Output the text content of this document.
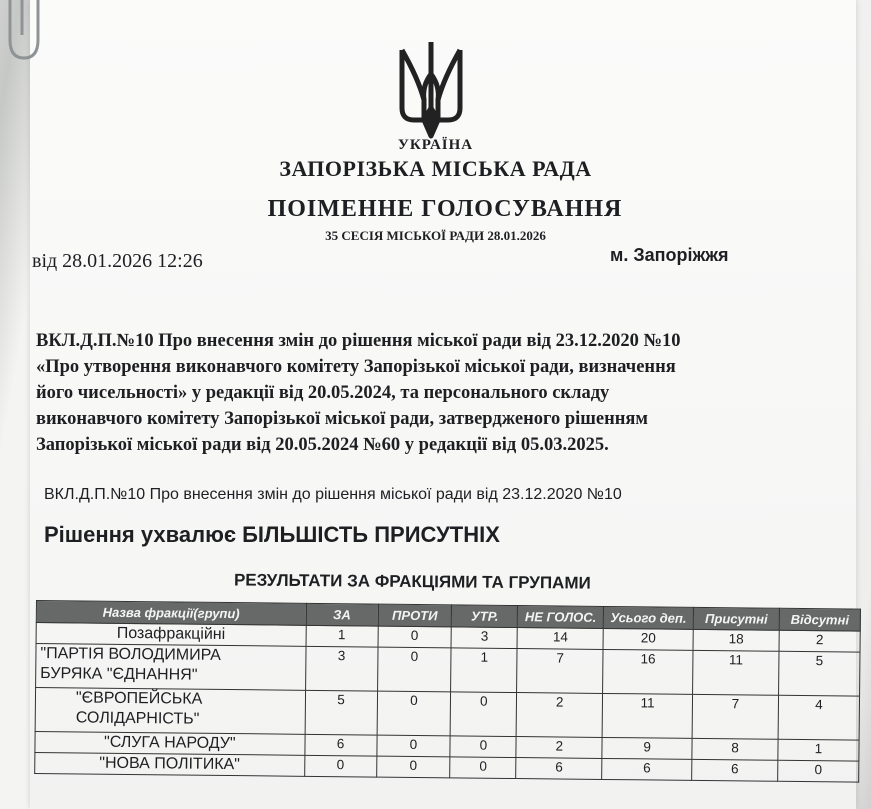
УКРАЇНА
ЗАПОРІЗЬКА МІСЬКА РАДА
ПОІМЕННЕ ГОЛОСУВАННЯ
35 СЕСІЯ МІСЬКОЇ РАДИ 28.01.2026
від 28.01.2026 12:26	м. Запоріжжя
ВКЛ.Д.П.№10 Про внесення змін до рішення міської ради від 23.12.2020 №10
«Про утворення виконавчого комітету Запорізької міської ради, визначення
його чисельності» у редакції від 20.05.2024, та персонального складу
виконавчого комітету Запорізької міської ради, затвердженого рішенням
Запорізької міської ради від 20.05.2024 №60 у редакції від 05.03.2025.
ВКЛ.Д.П.№10 Про внесення змін до рішення міської ради від 23.12.2020 №10
Рішення ухвалює БІЛЬШІСТЬ ПРИСУТНІХ
РЕЗУЛЬТАТИ ЗА ФРАКЦІЯМИ ТА ГРУПАМИ
Назва фракції(групи)	ЗА	ПРОТИ	УТР.	НЕ ГОЛОС.	Усього деп.	Присутні	Відсутні
Позафракційні	1	0	3	14	20	18	2
"ПАРТІЯ ВОЛОДИМИРА
БУРЯКА "ЄДНАННЯ"	3	0	1	7	16	11	5
"ЄВРОПЕЙСЬКА
СОЛІДАРНІСТЬ"	5	0	0	2	11	7	4
"СЛУГА НАРОДУ"	6	0	0	2	9	8	1
"НОВА ПОЛІТИКА"	0	0	0	6	6	6	0
